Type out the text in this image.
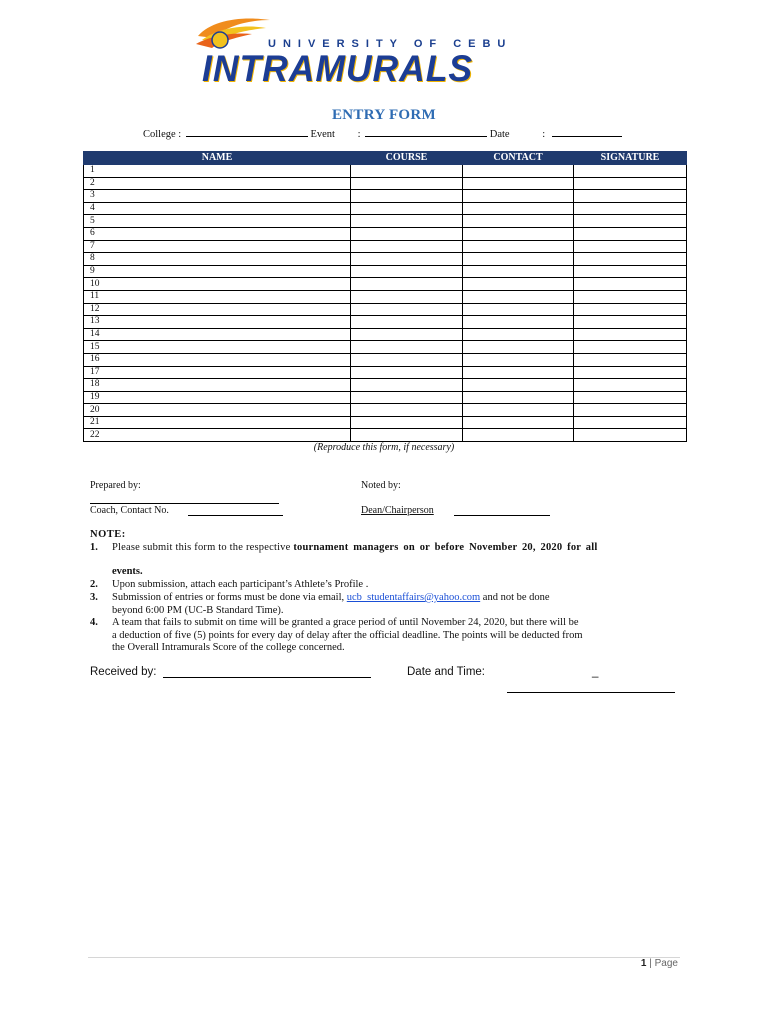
UNIVERSITY OF CEBU
INTRAMURALS
ENTRY FORM
College :	Event :	Date	:
NAME	COURSE	CONTACT	SIGNATURE
1			
2			
3			
4			
5			
6			
7			
8			
9			
10			
11			
12			
13			
14			
15			
16			
17			
18			
19			
20			
21			
22			
(Reproduce this form, if necessary)
Prepared by:	Noted by:
Coach, Contact No.	Dean/Chairperson
NOTE:
1. Please submit this form to the respective tournament managers on or before November 20, 2020 for all
events.
2. Upon submission, attach each participant’s Athlete’s Profile .
3. Submission of entries or forms must be done via email, ucb_studentaffairs@yahoo.com and not be done
beyond 6:00 PM (UC-B Standard Time).
4. A team that fails to submit on time will be granted a grace period of until November 24, 2020, but there will be
a deduction of five (5) points for every day of delay after the official deadline. The points will be deducted from
the Overall Intramurals Score of the college concerned.
Received by:	Date and Time:	_
1 | Page
